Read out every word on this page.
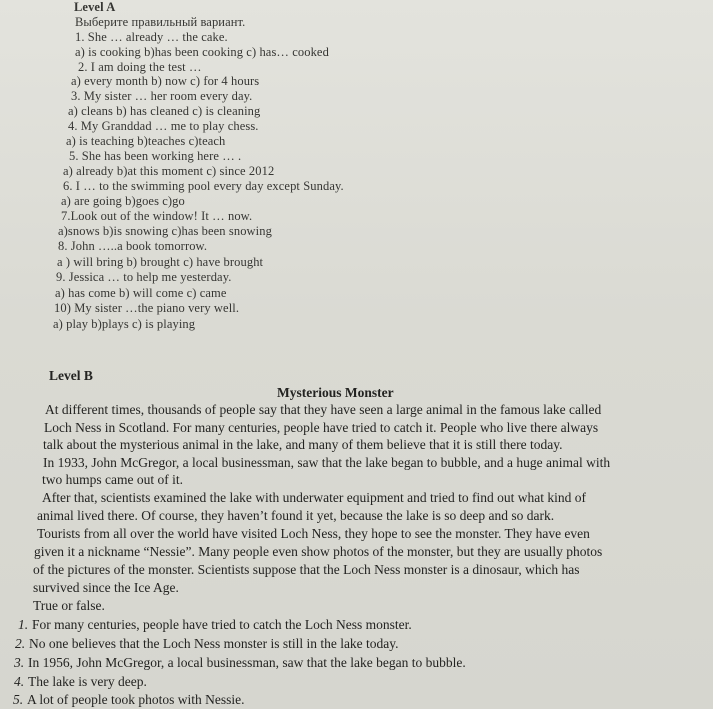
Level A
Выберите правильный вариант.
1. She … already … the cake.
a) is cooking b)has been cooking c) has… cooked
2. I am doing the test …
a) every month b) now c) for 4 hours
3. My sister … her room every day.
a) cleans b) has cleaned c) is cleaning
4. My Granddad … me to play chess.
a) is teaching b)teaches c)teach
5. She has been working here … .
a) already b)at this moment c) since 2012
6. I … to the swimming pool every day except Sunday.
a) are going b)goes c)go
7.Look out of the window! It … now.
a)snows b)is snowing c)has been snowing
8. John …..a book tomorrow.
a ) will bring b) brought c) have brought
9. Jessica … to help me yesterday.
a) has come b) will come c) came
10) My sister …the piano very well.
a) play b)plays c) is playing
Level B
Mysterious Monster
At different times, thousands of people say that they have seen a large animal in the famous lake called
Loch Ness in Scotland. For many centuries, people have tried to catch it. People who live there always
talk about the mysterious animal in the lake, and many of them believe that it is still there today.
In 1933, John McGregor, a local businessman, saw that the lake began to bubble, and a huge animal with
two humps came out of it.
After that, scientists examined the lake with underwater equipment and tried to find out what kind of
animal lived there. Of course, they haven’t found it yet, because the lake is so deep and so dark.
Tourists from all over the world have visited Loch Ness, they hope to see the monster. They have even
given it a nickname “Nessie”. Many people even show photos of the monster, but they are usually photos
of the pictures of the monster. Scientists suppose that the Loch Ness monster is a dinosaur, which has
survived since the Ice Age.
True or false.
1. For many centuries, people have tried to catch the Loch Ness monster.
2. No one believes that the Loch Ness monster is still in the lake today.
3. In 1956, John McGregor, a local businessman, saw that the lake began to bubble.
4. The lake is very deep.
5. A lot of people took photos with Nessie.
